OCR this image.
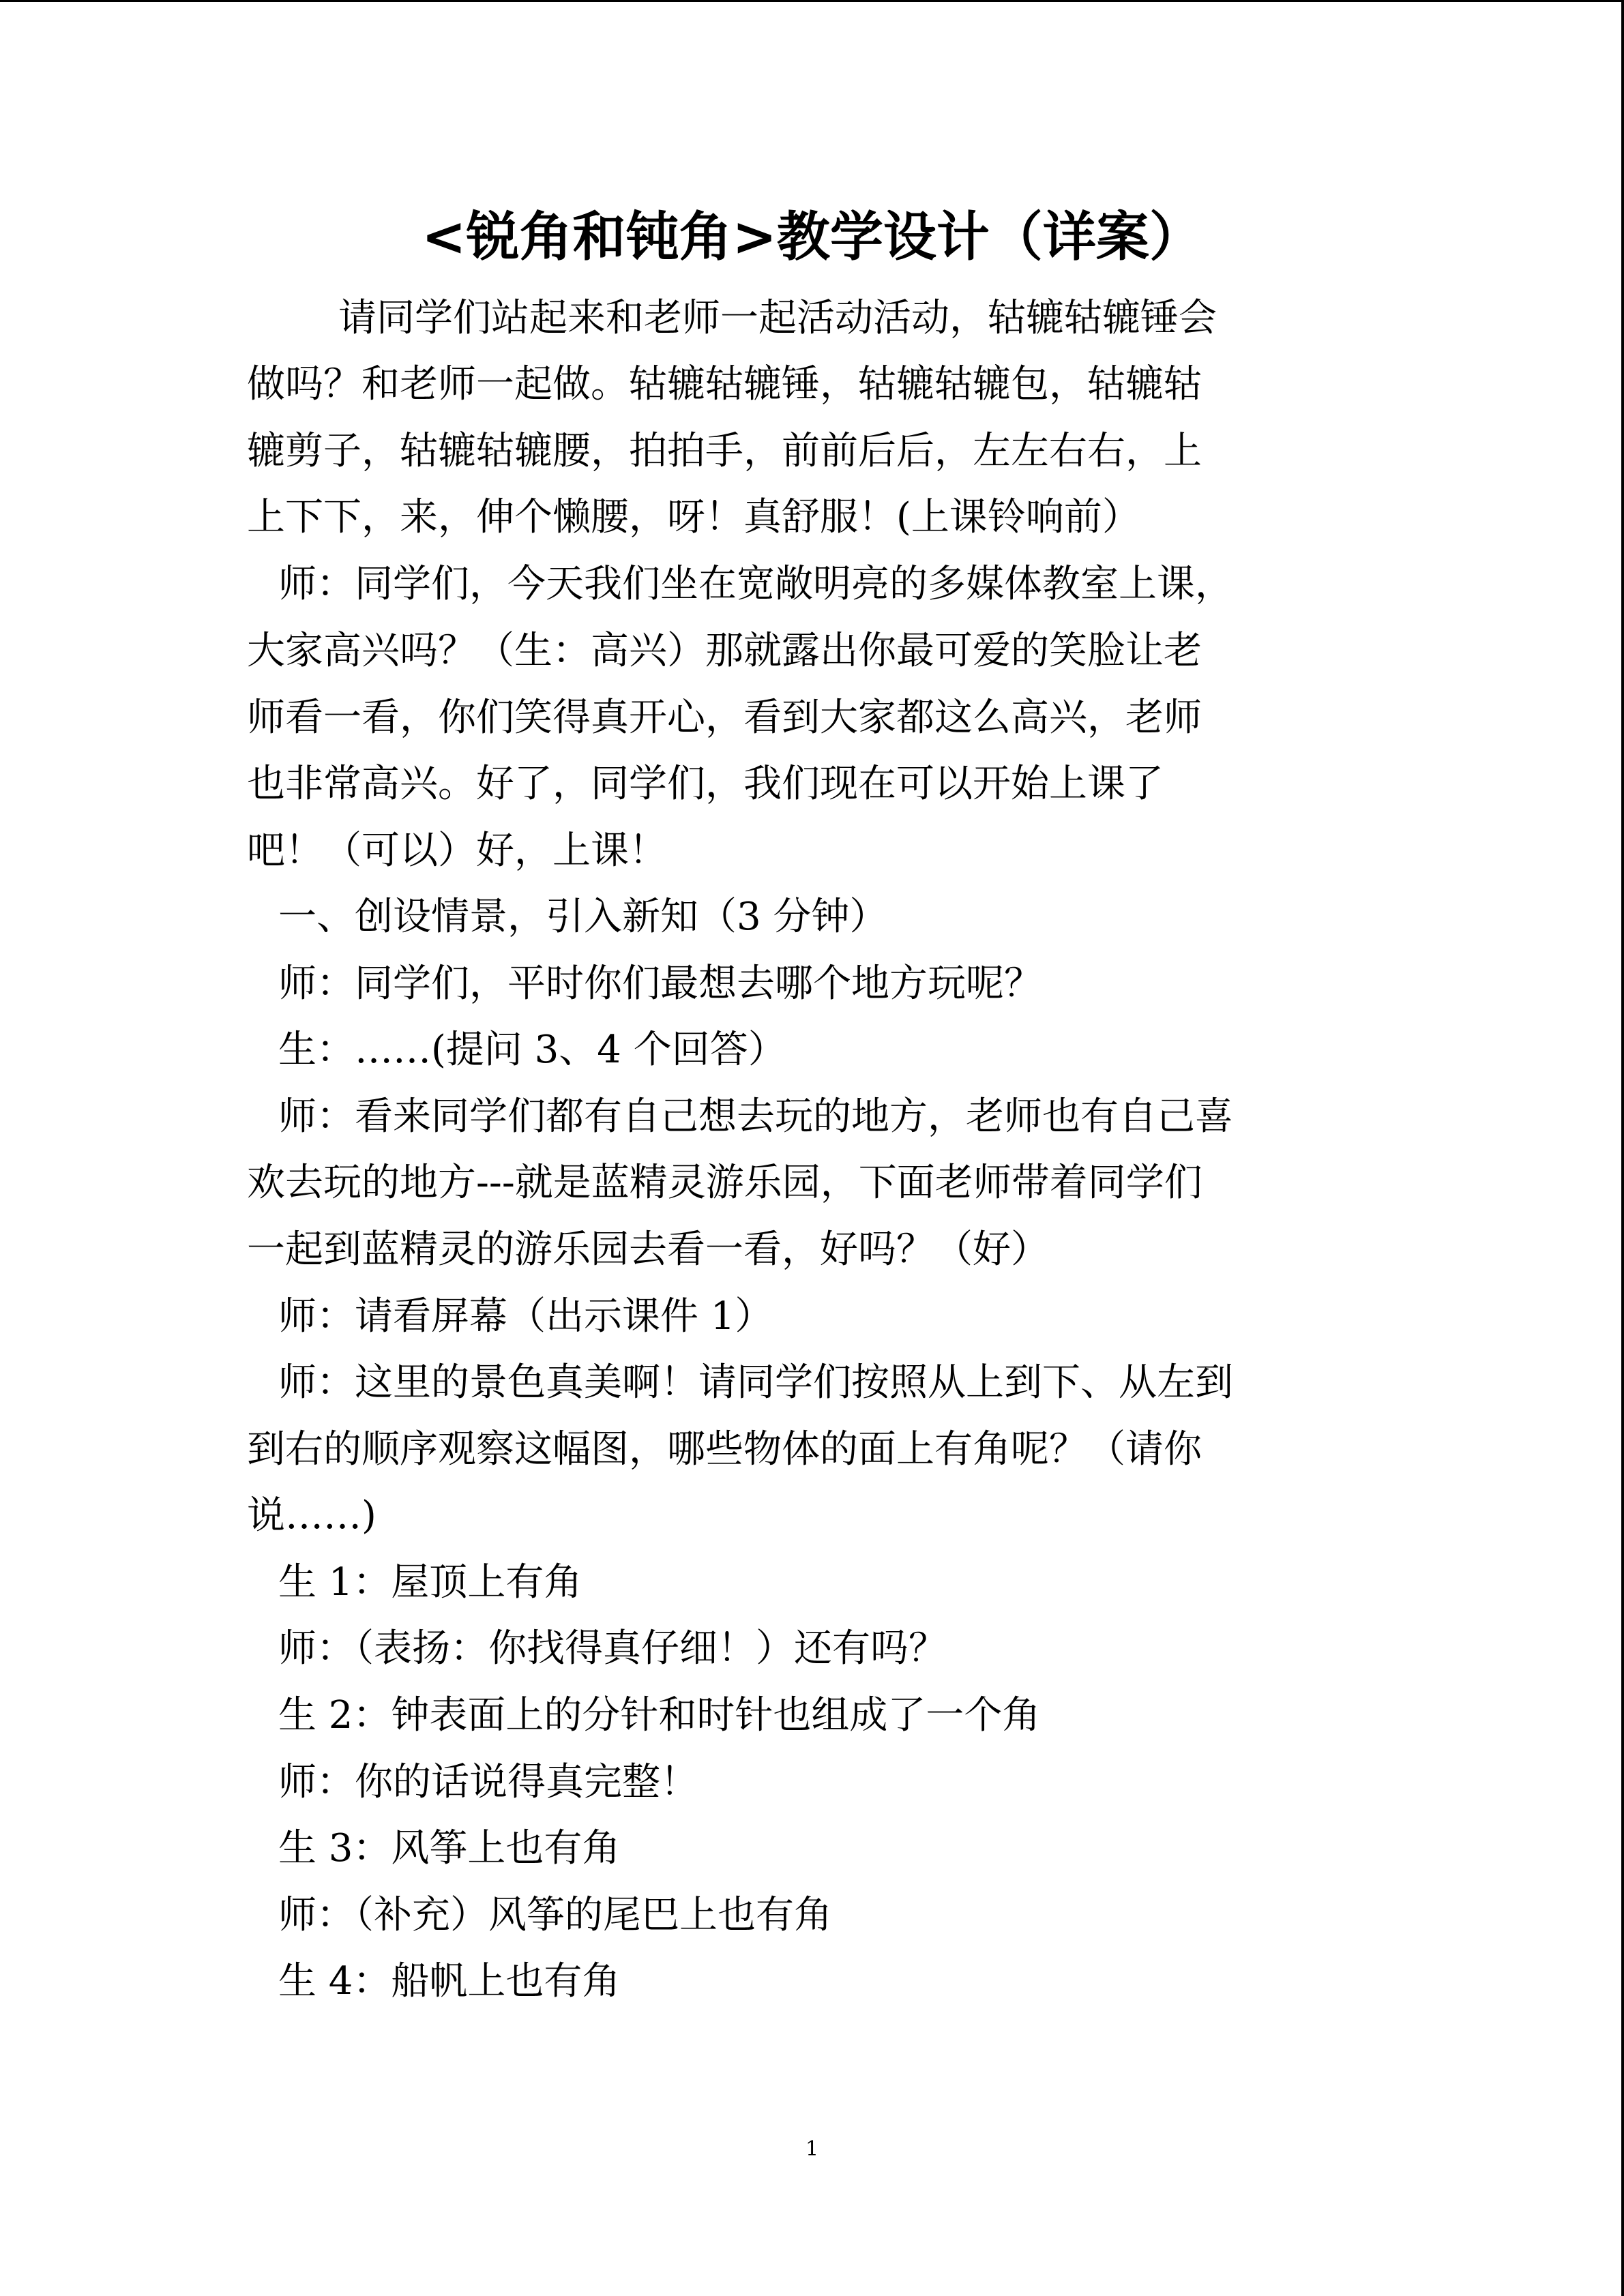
<锐角和钝角>教学设计（详案）
请同学们站起来和老师一起活动活动，轱辘轱辘锤会
做吗？和老师一起做。轱辘轱辘锤，轱辘轱辘包，轱辘轱
辘剪子，轱辘轱辘腰，拍拍手，前前后后，左左右右，上
上下下，来，伸个懒腰，呀！真舒服！(上课铃响前）
师：同学们，今天我们坐在宽敞明亮的多媒体教室上课，
大家高兴吗？（生：高兴）那就露出你最可爱的笑脸让老
师看一看，你们笑得真开心，看到大家都这么高兴，老师
也非常高兴。好了，同学们，我们现在可以开始上课了
吧！（可以）好，上课！
一、创设情景，引入新知（3 分钟）
师：同学们，平时你们最想去哪个地方玩呢？
生：……(提问 3、4 个回答）
师：看来同学们都有自己想去玩的地方，老师也有自己喜
欢去玩的地方---就是蓝精灵游乐园，下面老师带着同学们
一起到蓝精灵的游乐园去看一看，好吗？（好）
师：请看屏幕（出示课件 1）
师：这里的景色真美啊！请同学们按照从上到下、从左到
到右的顺序观察这幅图，哪些物体的面上有角呢？（请你
说……)
生 1：屋顶上有角
师：（表扬：你找得真仔细！）还有吗？
生 2：钟表面上的分针和时针也组成了一个角
师：你的话说得真完整！
生 3：风筝上也有角
师：（补充）风筝的尾巴上也有角
生 4：船帆上也有角
1
